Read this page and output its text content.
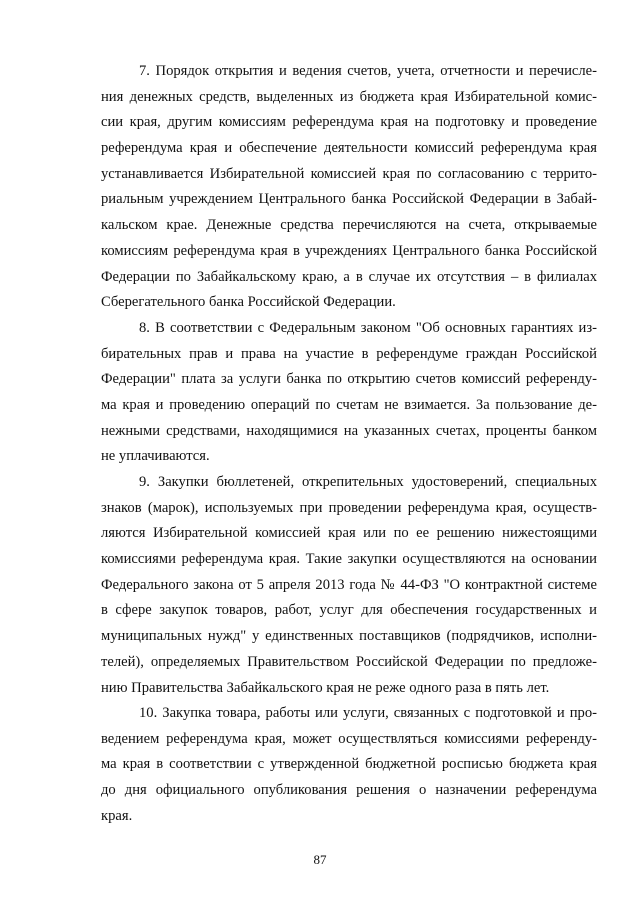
7. Порядок открытия и ведения счетов, учета, отчетности и перечисле-
ния денежных средств, выделенных из бюджета края Избирательной комис-
сии края, другим комиссиям референдума края на подготовку и проведение
референдума края и обеспечение деятельности комиссий референдума края
устанавливается Избирательной комиссией края по согласованию с террито-
риальным учреждением Центрального банка Российской Федерации в Забай-
кальском крае. Денежные средства перечисляются на счета, открываемые
комиссиям референдума края в учреждениях Центрального банка Российской
Федерации по Забайкальскому краю, а в случае их отсутствия – в филиалах
Сберегательного банка Российской Федерации.
8. В соответствии с Федеральным законом "Об основных гарантиях из-
бирательных прав и права на участие в референдуме граждан Российской
Федерации" плата за услуги банка по открытию счетов комиссий референду-
ма края и проведению операций по счетам не взимается. За пользование де-
нежными средствами, находящимися на указанных счетах, проценты банком
не уплачиваются.
9. Закупки бюллетеней, открепительных удостоверений, специальных
знаков (марок), используемых при проведении референдума края, осуществ-
ляются Избирательной комиссией края или по ее решению нижестоящими
комиссиями референдума края. Такие закупки осуществляются на основании
Федерального закона от 5 апреля 2013 года № 44-ФЗ "О контрактной системе
в сфере закупок товаров, работ, услуг для обеспечения государственных и
муниципальных нужд" у единственных поставщиков (подрядчиков, исполни-
телей), определяемых Правительством Российской Федерации по предложе-
нию Правительства Забайкальского края не реже одного раза в пять лет.
10. Закупка товара, работы или услуги, связанных с подготовкой и про-
ведением референдума края, может осуществляться комиссиями референду-
ма края в соответствии с утвержденной бюджетной росписью бюджета края
до дня официального опубликования решения о назначении референдума
края.
87
